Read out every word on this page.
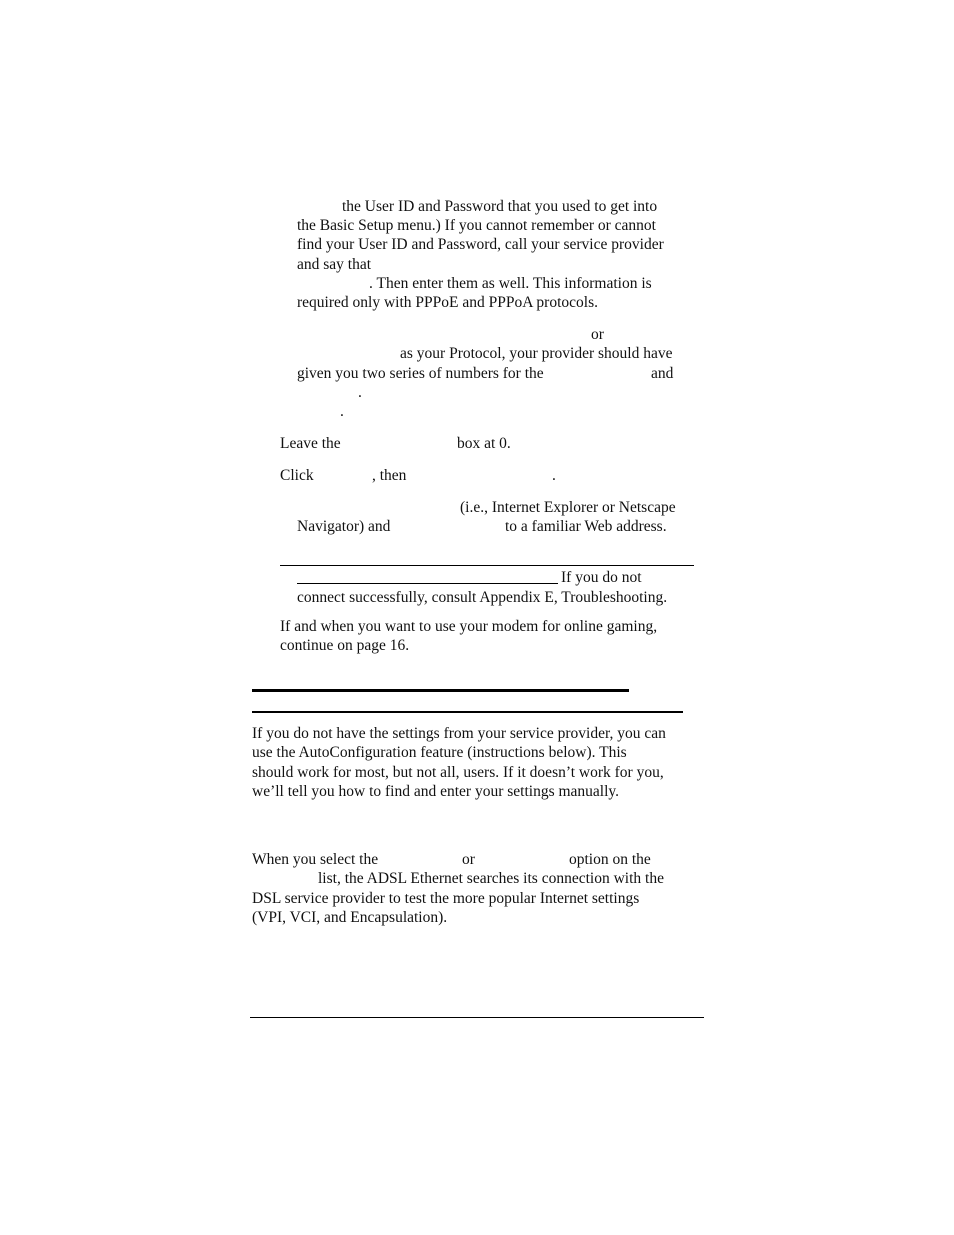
the User ID and Password that you used to get into
the Basic Setup menu.) If you cannot remember or cannot
find your User ID and Password, call your service provider
and say that
. Then enter them as well. This information is
required only with PPPoE and PPPoA protocols.
or
as your Protocol, your provider should have
given you two series of numbers for the	and
.
.
Leave the	box at 0.
Click	, then	.
(i.e., Internet Explorer or Netscape
Navigator) and	to a familiar Web address.
If you do not
connect successfully, consult Appendix E, Troubleshooting.
If and when you want to use your modem for online gaming,
continue on page 16.
If you do not have the settings from your service provider, you can
use the AutoConfiguration feature (instructions below). This
should work for most, but not all, users. If it doesn’t work for you,
we’ll tell you how to find and enter your settings manually.
When you select the	or	option on the
list, the ADSL Ethernet searches its connection with the
DSL service provider to test the more popular Internet settings
(VPI, VCI, and Encapsulation).
